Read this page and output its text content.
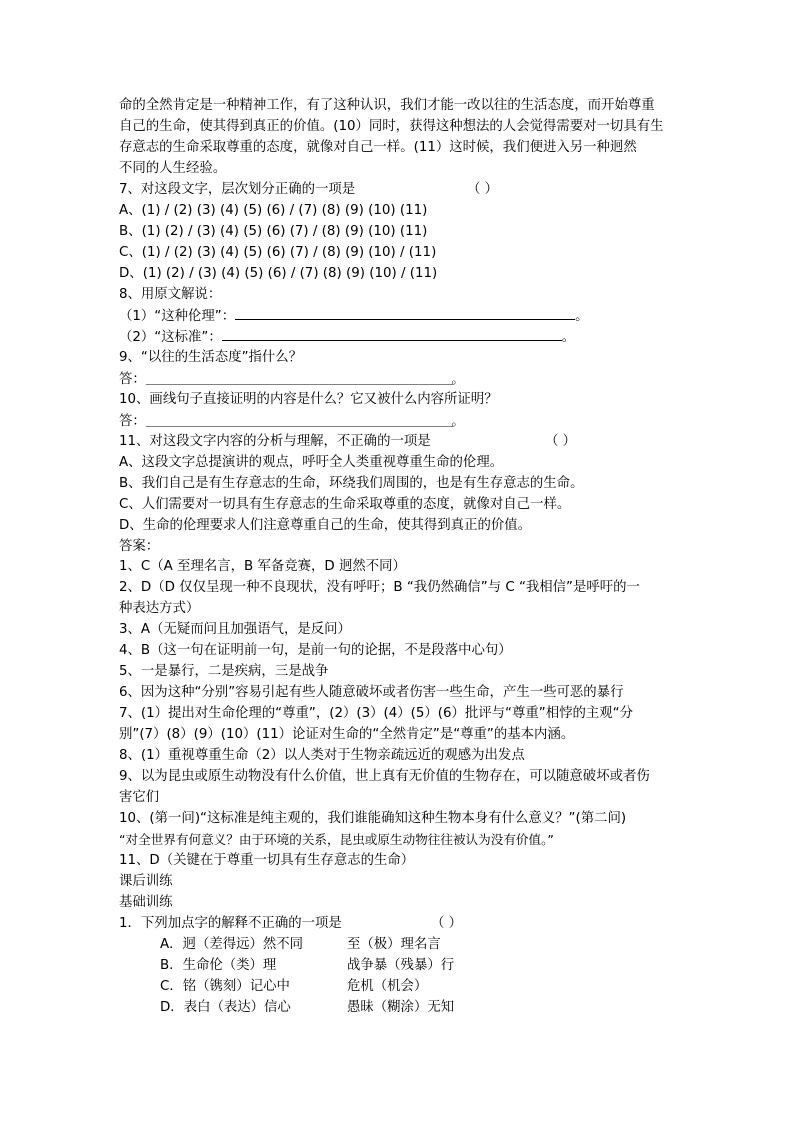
命的全然肯定是一种精神工作，有了这种认识，我们才能一改以往的生活态度，而开始尊重
自己的生命，使其得到真正的价值。(10）同时，获得这种想法的人会觉得需要对一切具有生
存意志的生命采取尊重的态度，就像对自己一样。(11）这时候，我们便进入另一种迥然
不同的人生经验。
7、对这段文字，层次划分正确的一项是	（ ）
A、(1) / (2) (3) (4) (5) (6) / (7) (8) (9) (10) (11)
B、(1) (2) / (3) (4) (5) (6) (7) / (8) (9) (10) (11)
C、(1) / (2) (3) (4) (5) (6) (7) / (8) (9) (10) / (11)
D、(1) (2) / (3) (4) (5) (6) / (7) (8) (9) (10) / (11)
8、用原文解说：
（1）“这种伦理”：	。
（2）“这标准”：	。
9、“以往的生活态度”指什么？
答：＿＿＿＿＿＿＿＿＿＿＿＿＿＿＿＿＿＿＿＿＿＿＿＿＿＿＿＿＿＿。
10、画线句子直接证明的内容是什么？它又被什么内容所证明？
答：＿＿＿＿＿＿＿＿＿＿＿＿＿＿＿＿＿＿＿＿＿＿＿＿＿＿＿＿＿＿。
11、对这段文字内容的分析与理解，不正确的一项是	（ ）
A、这段文字总提演讲的观点，呼吁全人类重视尊重生命的伦理。
B、我们自己是有生存意志的生命，环绕我们周围的，也是有生存意志的生命。
C、人们需要对一切具有生存意志的生命采取尊重的态度，就像对自己一样。
D、生命的伦理要求人们注意尊重自己的生命，使其得到真正的价值。
答案：
1、C（A 至理名言，B 军备竞赛，D 迥然不同）
2、D（D 仅仅呈现一种不良现状，没有呼吁；B “我仍然确信”与 C “我相信”是呼吁的一
种表达方式）
3、A（无疑而问且加强语气，是反问）
4、B（这一句在证明前一句，是前一句的论据，不是段落中心句）
5、一是暴行，二是疾病，三是战争
6、因为这种“分别”容易引起有些人随意破坏或者伤害一些生命，产生一些可恶的暴行
7、(1）提出对生命伦理的“尊重”，(2）(3）(4）(5）(6）批评与“尊重”相悖的主观“分
别”(7）(8）(9）(10）(11）论证对生命的“全然肯定”是“尊重”的基本内涵。
8、(1）重视尊重生命（2）以人类对于生物亲疏远近的观感为出发点
9、以为昆虫或原生动物没有什么价值，世上真有无价值的生物存在，可以随意破坏或者伤
害它们
10、(第一问)“这标准是纯主观的，我们谁能确知这种生物本身有什么意义？”(第二问)
“对全世界有何意义？由于环境的关系，昆虫或原生动物往往被认为没有价值。”
11、D（关键在于尊重一切具有生存意志的生命）
课后训练
基础训练
1．下列加点字的解释不正确的一项是	（ ）
A．迥（差得远）然不同	至（极）理名言
B．生命伦（类）理	战争暴（残暴）行
C．铭（镌刻）记心中	危机（机会）
D．表白（表达）信心	愚昧（糊涂）无知
